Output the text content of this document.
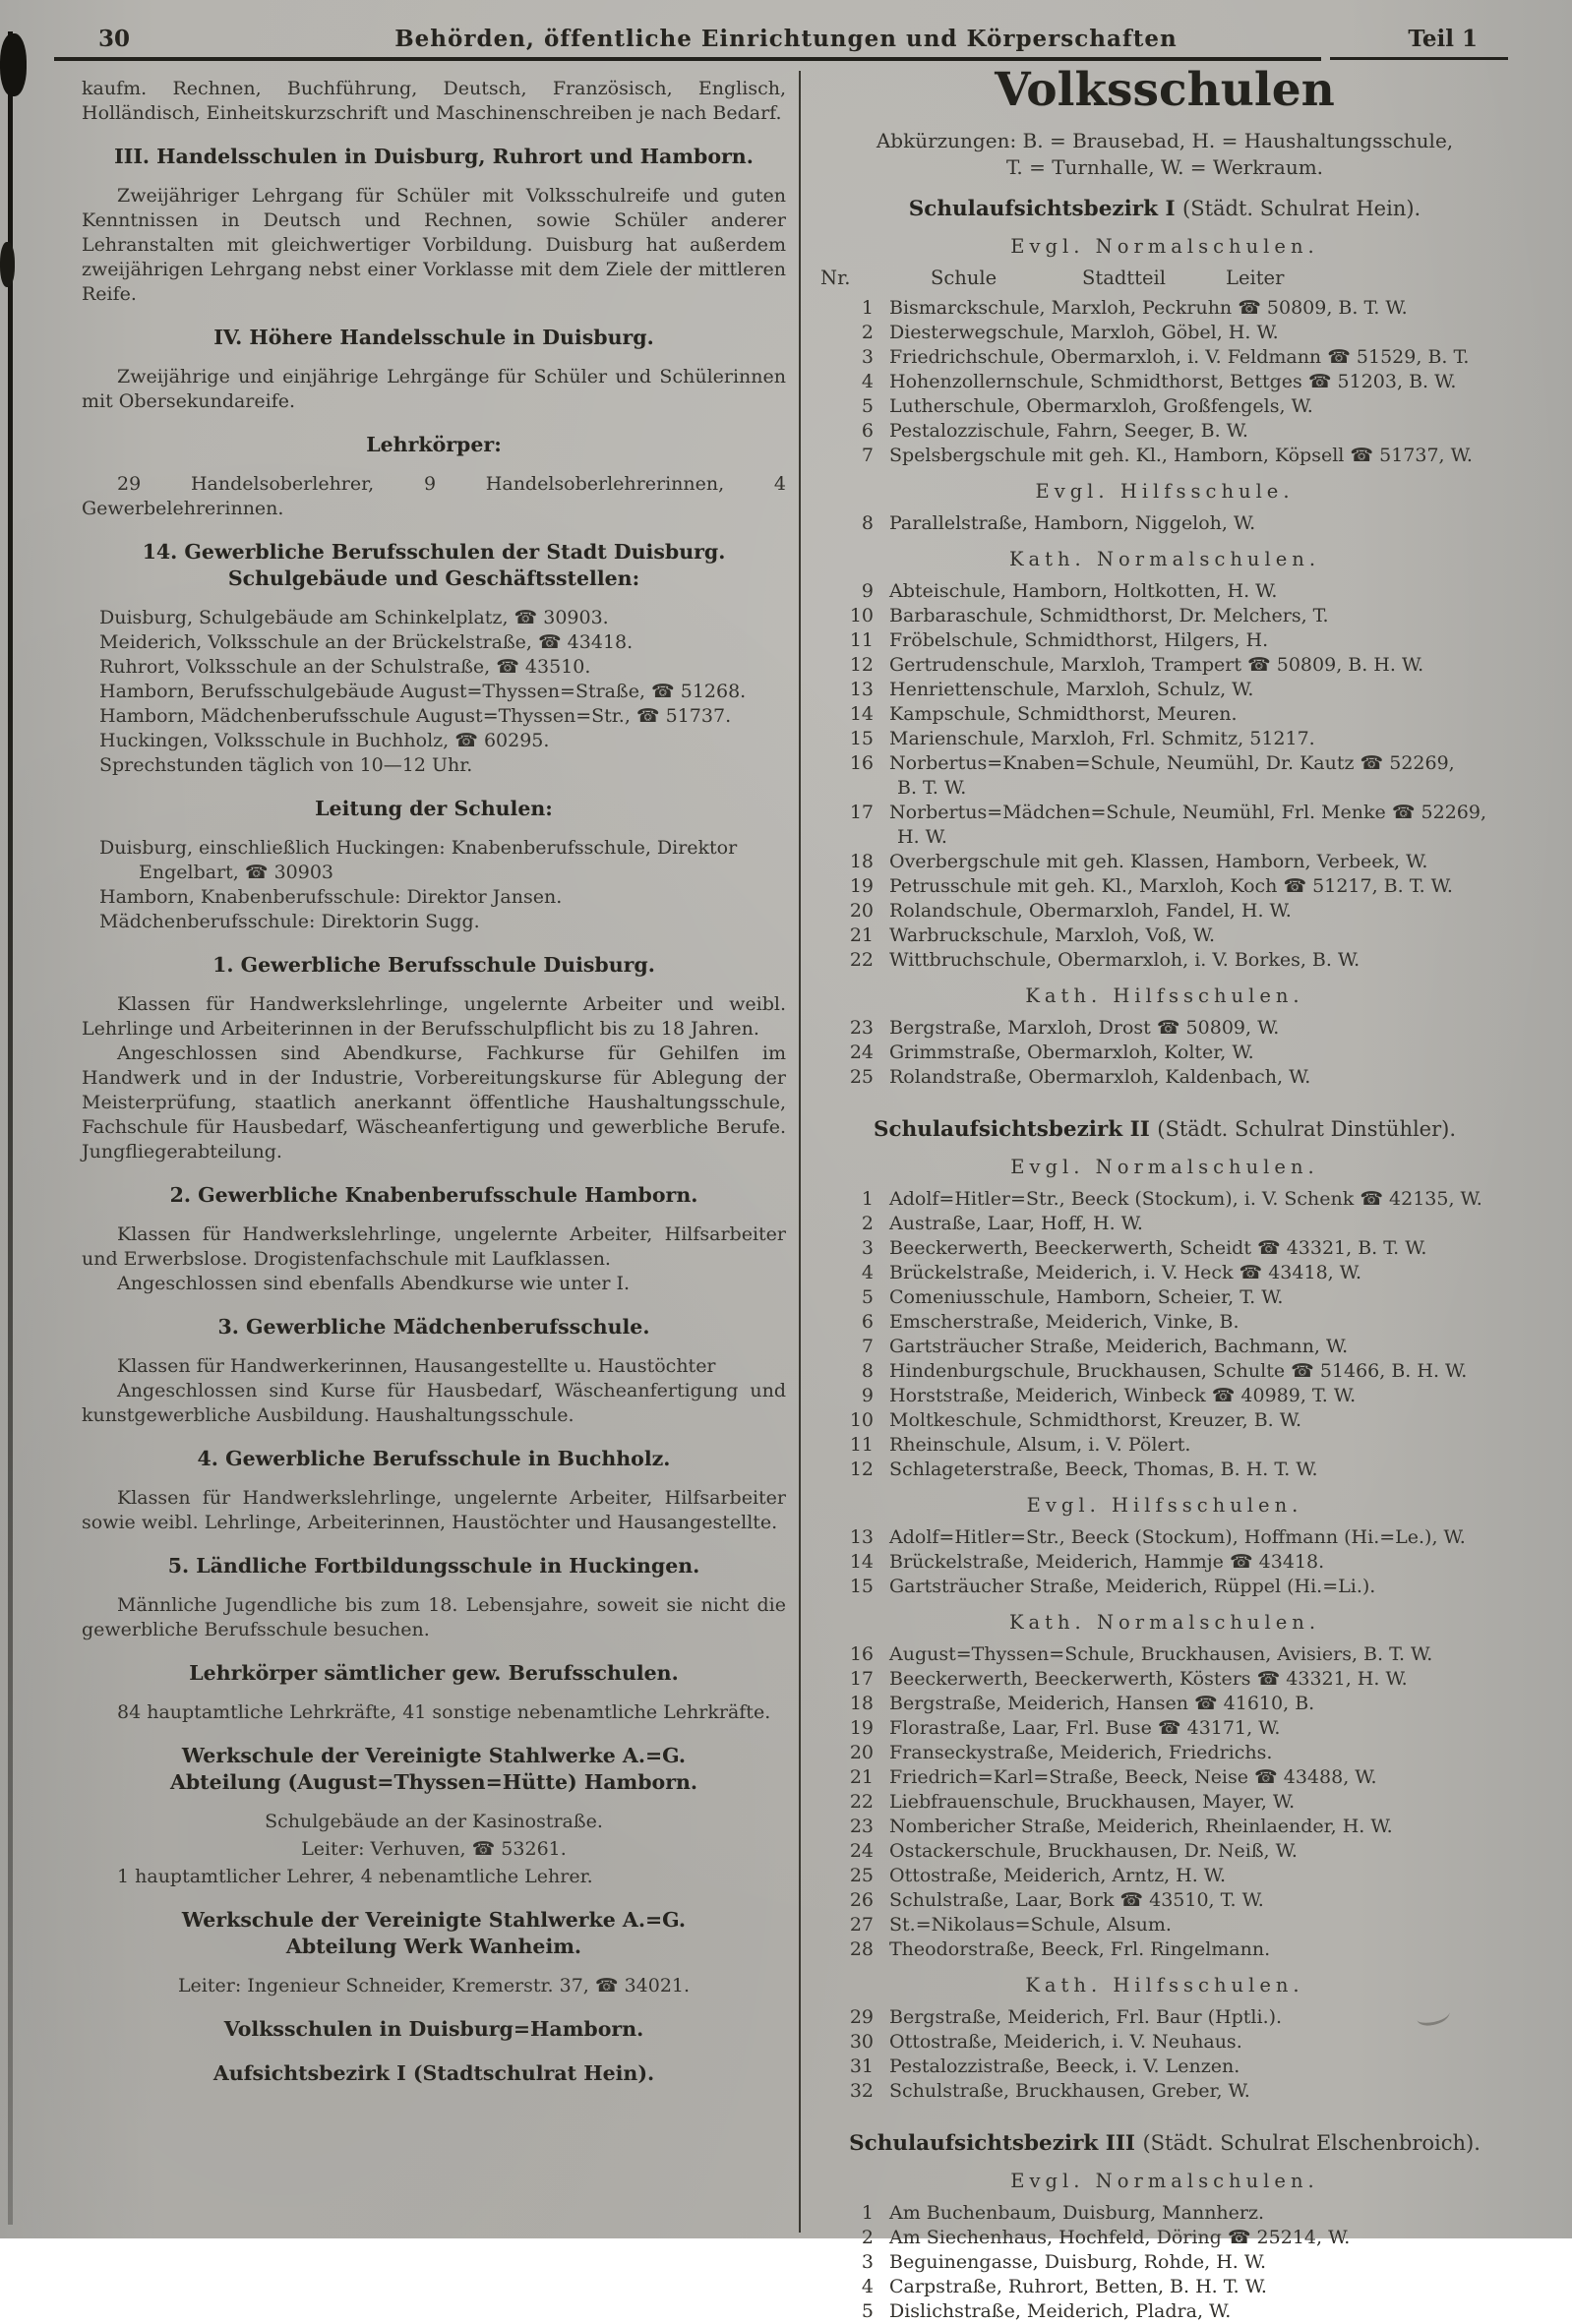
30	Behörden, öffentliche Einrichtungen und Körperschaften	Teil 1
kaufm. Rechnen, Buchführung, Deutsch, Französisch, Englisch, Holländisch, Einheitskurzschrift und Maschinenschreiben je nach Bedarf.
III. Handelsschulen in Duisburg, Ruhrort und Hamborn.
Zweijähriger Lehrgang für Schüler mit Volksschulreife und guten Kenntnissen in Deutsch und Rechnen, sowie Schüler anderer Lehranstalten mit gleichwertiger Vorbildung. Duisburg hat außerdem zweijährigen Lehrgang nebst einer Vorklasse mit dem Ziele der mittleren Reife.
IV. Höhere Handelsschule in Duisburg.
Zweijährige und einjährige Lehrgänge für Schüler und Schülerinnen mit Obersekundareife.
Lehrkörper:
29 Handelsoberlehrer, 9 Handelsoberlehrerinnen, 4 Gewerbelehrerinnen.
14. Gewerbliche Berufsschulen der Stadt Duisburg.
Schulgebäude und Geschäftsstellen:
Duisburg, Schulgebäude am Schinkelplatz, ☎ 30903.
Meiderich, Volksschule an der Brückelstraße, ☎ 43418.
Ruhrort, Volksschule an der Schulstraße, ☎ 43510.
Hamborn, Berufsschulgebäude August=Thyssen=Straße, ☎ 51268.
Hamborn, Mädchenberufsschule August=Thyssen=Str., ☎ 51737.
Huckingen, Volksschule in Buchholz, ☎ 60295.
Sprechstunden täglich von 10—12 Uhr.
Leitung der Schulen:
Duisburg, einschließlich Huckingen: Knabenberufsschule, Direktor Engelbart, ☎ 30903
Hamborn, Knabenberufsschule: Direktor Jansen.
Mädchenberufsschule: Direktorin Sugg.
1. Gewerbliche Berufsschule Duisburg.
Klassen für Handwerkslehrlinge, ungelernte Arbeiter und weibl. Lehrlinge und Arbeiterinnen in der Berufsschulpflicht bis zu 18 Jahren.
Angeschlossen sind Abendkurse, Fachkurse für Gehilfen im Handwerk und in der Industrie, Vorbereitungskurse für Ablegung der Meisterprüfung, staatlich anerkannt öffentliche Haushaltungsschule, Fachschule für Hausbedarf, Wäscheanfertigung und gewerbliche Berufe. Jungfliegerabteilung.
2. Gewerbliche Knabenberufsschule Hamborn.
Klassen für Handwerkslehrlinge, ungelernte Arbeiter, Hilfsarbeiter und Erwerbslose. Drogistenfachschule mit Laufklassen.
Angeschlossen sind ebenfalls Abendkurse wie unter I.
3. Gewerbliche Mädchenberufsschule.
Klassen für Handwerkerinnen, Hausangestellte u. Haustöchter
Angeschlossen sind Kurse für Hausbedarf, Wäscheanfertigung und kunstgewerbliche Ausbildung. Haushaltungsschule.
4. Gewerbliche Berufsschule in Buchholz.
Klassen für Handwerkslehrlinge, ungelernte Arbeiter, Hilfsarbeiter sowie weibl. Lehrlinge, Arbeiterinnen, Haustöchter und Hausangestellte.
5. Ländliche Fortbildungsschule in Huckingen.
Männliche Jugendliche bis zum 18. Lebensjahre, soweit sie nicht die gewerbliche Berufsschule besuchen.
Lehrkörper sämtlicher gew. Berufsschulen.
84 hauptamtliche Lehrkräfte, 41 sonstige nebenamtliche Lehrkräfte.
Werkschule der Vereinigte Stahlwerke A.=G.
Abteilung (August=Thyssen=Hütte) Hamborn.
Schulgebäude an der Kasinostraße.
Leiter: Verhuven, ☎ 53261.
1 hauptamtlicher Lehrer, 4 nebenamtliche Lehrer.
Werkschule der Vereinigte Stahlwerke A.=G.
Abteilung Werk Wanheim.
Leiter: Ingenieur Schneider, Kremerstr. 37, ☎ 34021.
Volksschulen in Duisburg=Hamborn.
Aufsichtsbezirk I (Stadtschulrat Hein).
Volksschulen
Abkürzungen: B. = Brausebad, H. = Haushaltungsschule,
T. = Turnhalle, W. = Werkraum.
Schulaufsichtsbezirk I (Städt. Schulrat Hein).
Evgl. Normalschulen.
Nr.	Schule	Stadtteil	Leiter
1 Bismarckschule, Marxloh, Peckruhn ☎ 50809, B. T. W.
2 Diesterwegschule, Marxloh, Göbel, H. W.
3 Friedrichschule, Obermarxloh, i. V. Feldmann ☎ 51529, B. T.
4 Hohenzollernschule, Schmidthorst, Bettges ☎ 51203, B. W.
5 Lutherschule, Obermarxloh, Großfengels, W.
6 Pestalozzischule, Fahrn, Seeger, B. W.
7 Spelsbergschule mit geh. Kl., Hamborn, Köpsell ☎ 51737, W.
Evgl. Hilfsschule.
8 Parallelstraße, Hamborn, Niggeloh, W.
Kath. Normalschulen.
9 Abteischule, Hamborn, Holtkotten, H. W.
10 Barbaraschule, Schmidthorst, Dr. Melchers, T.
11 Fröbelschule, Schmidthorst, Hilgers, H.
12 Gertrudenschule, Marxloh, Trampert ☎ 50809, B. H. W.
13 Henriettenschule, Marxloh, Schulz, W.
14 Kampschule, Schmidthorst, Meuren.
15 Marienschule, Marxloh, Frl. Schmitz, 51217.
16 Norbertus=Knaben=Schule, Neumühl, Dr. Kautz ☎ 52269,
B. T. W.
17 Norbertus=Mädchen=Schule, Neumühl, Frl. Menke ☎ 52269,
H. W.
18 Overbergschule mit geh. Klassen, Hamborn, Verbeek, W.
19 Petrusschule mit geh. Kl., Marxloh, Koch ☎ 51217, B. T. W.
20 Rolandschule, Obermarxloh, Fandel, H. W.
21 Warbruckschule, Marxloh, Voß, W.
22 Wittbruchschule, Obermarxloh, i. V. Borkes, B. W.
Kath. Hilfsschulen.
23 Bergstraße, Marxloh, Drost ☎ 50809, W.
24 Grimmstraße, Obermarxloh, Kolter, W.
25 Rolandstraße, Obermarxloh, Kaldenbach, W.
Schulaufsichtsbezirk II (Städt. Schulrat Dinstühler).
Evgl. Normalschulen.
1 Adolf=Hitler=Str., Beeck (Stockum), i. V. Schenk ☎ 42135, W.
2 Austraße, Laar, Hoff, H. W.
3 Beeckerwerth, Beeckerwerth, Scheidt ☎ 43321, B. T. W.
4 Brückelstraße, Meiderich, i. V. Heck ☎ 43418, W.
5 Comeniusschule, Hamborn, Scheier, T. W.
6 Emscherstraße, Meiderich, Vinke, B.
7 Gartsträucher Straße, Meiderich, Bachmann, W.
8 Hindenburgschule, Bruckhausen, Schulte ☎ 51466, B. H. W.
9 Horststraße, Meiderich, Winbeck ☎ 40989, T. W.
10 Moltkeschule, Schmidthorst, Kreuzer, B. W.
11 Rheinschule, Alsum, i. V. Pölert.
12 Schlageterstraße, Beeck, Thomas, B. H. T. W.
Evgl. Hilfsschulen.
13 Adolf=Hitler=Str., Beeck (Stockum), Hoffmann (Hi.=Le.), W.
14 Brückelstraße, Meiderich, Hammje ☎ 43418.
15 Gartsträucher Straße, Meiderich, Rüppel (Hi.=Li.).
Kath. Normalschulen.
16 August=Thyssen=Schule, Bruckhausen, Avisiers, B. T. W.
17 Beeckerwerth, Beeckerwerth, Kösters ☎ 43321, H. W.
18 Bergstraße, Meiderich, Hansen ☎ 41610, B.
19 Florastraße, Laar, Frl. Buse ☎ 43171, W.
20 Franseckystraße, Meiderich, Friedrichs.
21 Friedrich=Karl=Straße, Beeck, Neise ☎ 43488, W.
22 Liebfrauenschule, Bruckhausen, Mayer, W.
23 Nombericher Straße, Meiderich, Rheinlaender, H. W.
24 Ostackerschule, Bruckhausen, Dr. Neiß, W.
25 Ottostraße, Meiderich, Arntz, H. W.
26 Schulstraße, Laar, Bork ☎ 43510, T. W.
27 St.=Nikolaus=Schule, Alsum.
28 Theodorstraße, Beeck, Frl. Ringelmann.
Kath. Hilfsschulen.
29 Bergstraße, Meiderich, Frl. Baur (Hptli.).
30 Ottostraße, Meiderich, i. V. Neuhaus.
31 Pestalozzistraße, Beeck, i. V. Lenzen.
32 Schulstraße, Bruckhausen, Greber, W.
Schulaufsichtsbezirk III (Städt. Schulrat Elschenbroich).
Evgl. Normalschulen.
1 Am Buchenbaum, Duisburg, Mannherz.
2 Am Siechenhaus, Hochfeld, Döring ☎ 25214, W.
3 Beguinengasse, Duisburg, Rohde, H. W.
4 Carpstraße, Ruhrort, Betten, B. H. T. W.
5 Dislichstraße, Meiderich, Pladra, W.
